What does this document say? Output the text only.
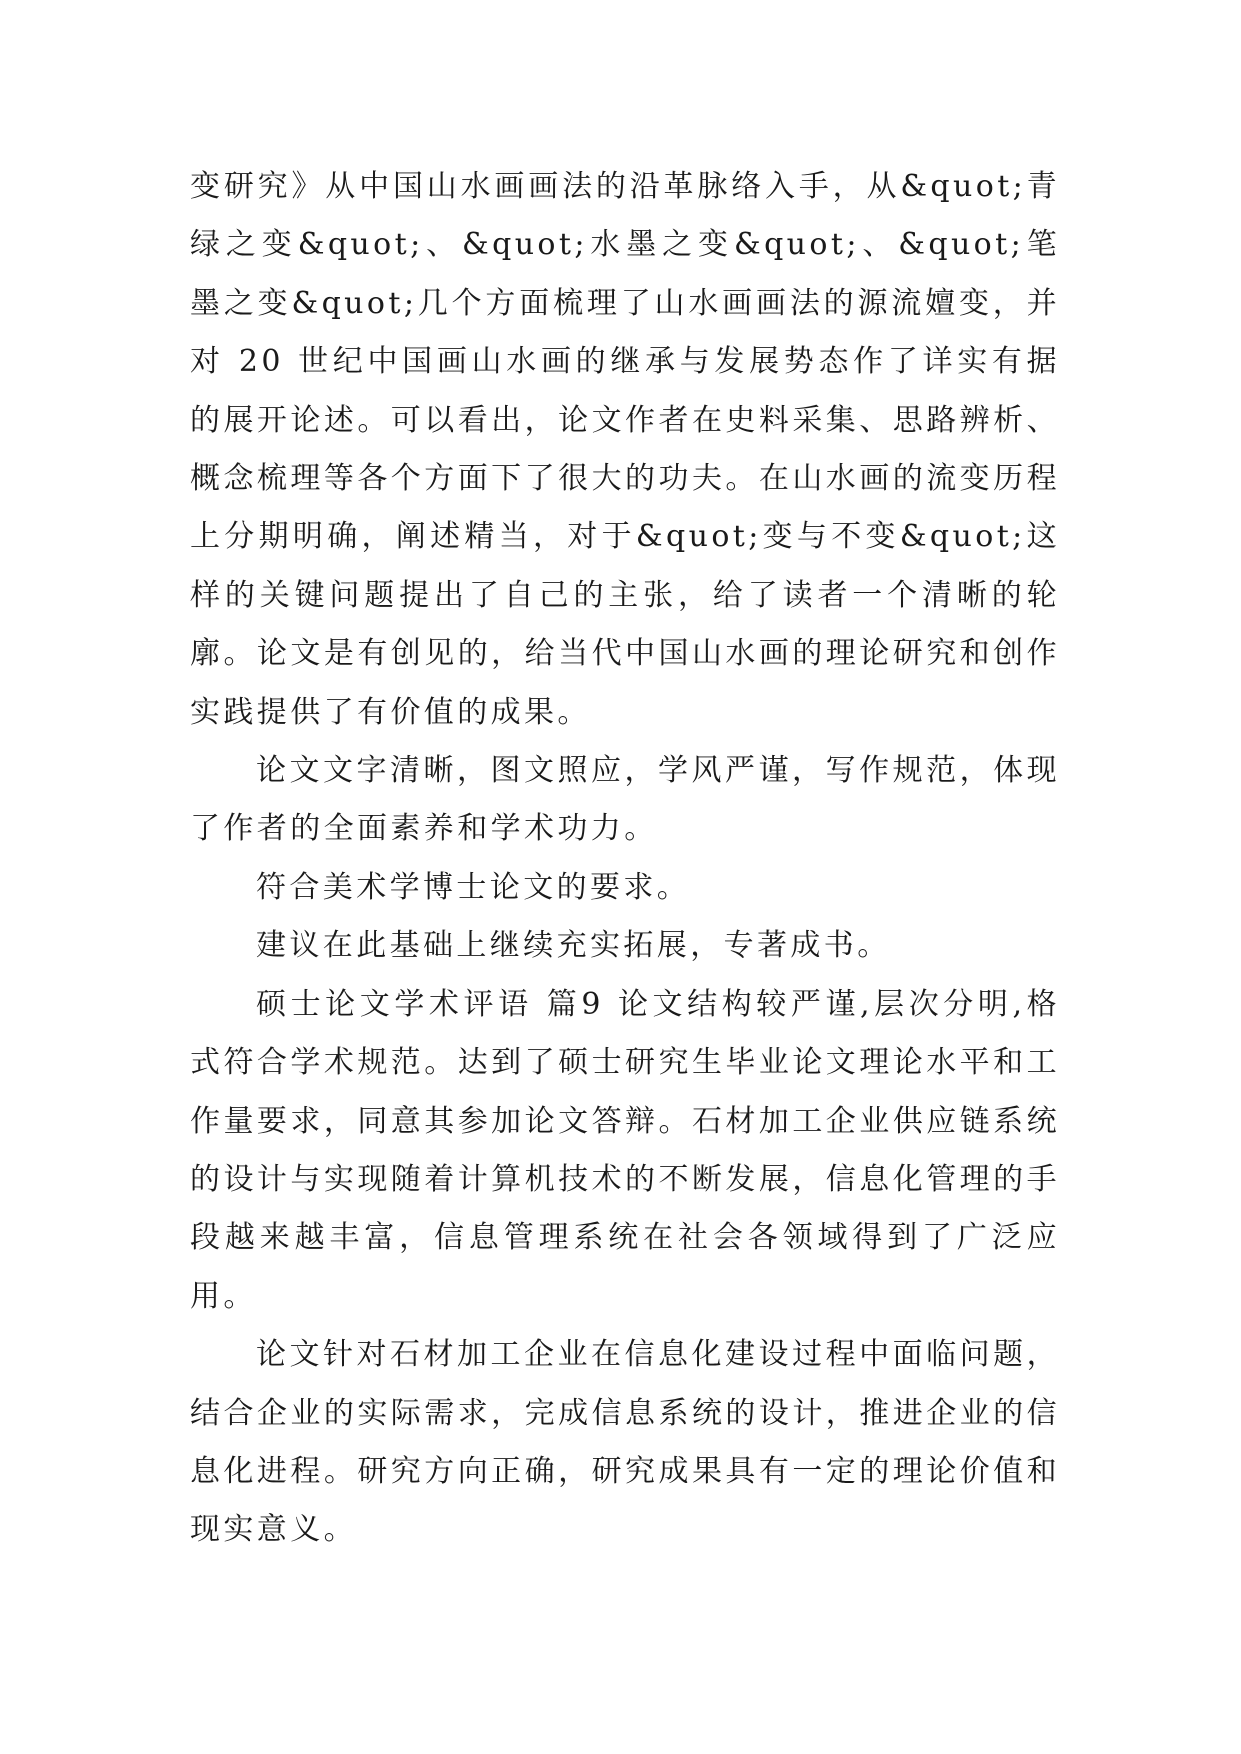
变研究》从中国山水画画法的沿革脉络入手，从&quot;青绿之变&quot;、&quot;水墨之变&quot;、&quot;笔墨之变&quot;几个方面梳理了山水画画法的源流嬗变，并对 20 世纪中国画山水画的继承与发展势态作了详实有据的展开论述。可以看出，论文作者在史料采集、思路辨析、概念梳理等各个方面下了很大的功夫。在山水画的流变历程上分期明确，阐述精当，对于&quot;变与不变&quot;这样的关键问题提出了自己的主张，给了读者一个清晰的轮廓。论文是有创见的，给当代中国山水画的理论研究和创作实践提供了有价值的成果。

论文文字清晰，图文照应，学风严谨，写作规范，体现了作者的全面素养和学术功力。

符合美术学博士论文的要求。

建议在此基础上继续充实拓展，专著成书。

硕士论文学术评语 篇9 论文结构较严谨,层次分明,格式符合学术规范。达到了硕士研究生毕业论文理论水平和工作量要求，同意其参加论文答辩。石材加工企业供应链系统的设计与实现随着计算机技术的不断发展，信息化管理的手段越来越丰富，信息管理系统在社会各领域得到了广泛应用。

论文针对石材加工企业在信息化建设过程中面临问题，结合企业的实际需求，完成信息系统的设计，推进企业的信息化进程。研究方向正确，研究成果具有一定的理论价值和现实意义。
